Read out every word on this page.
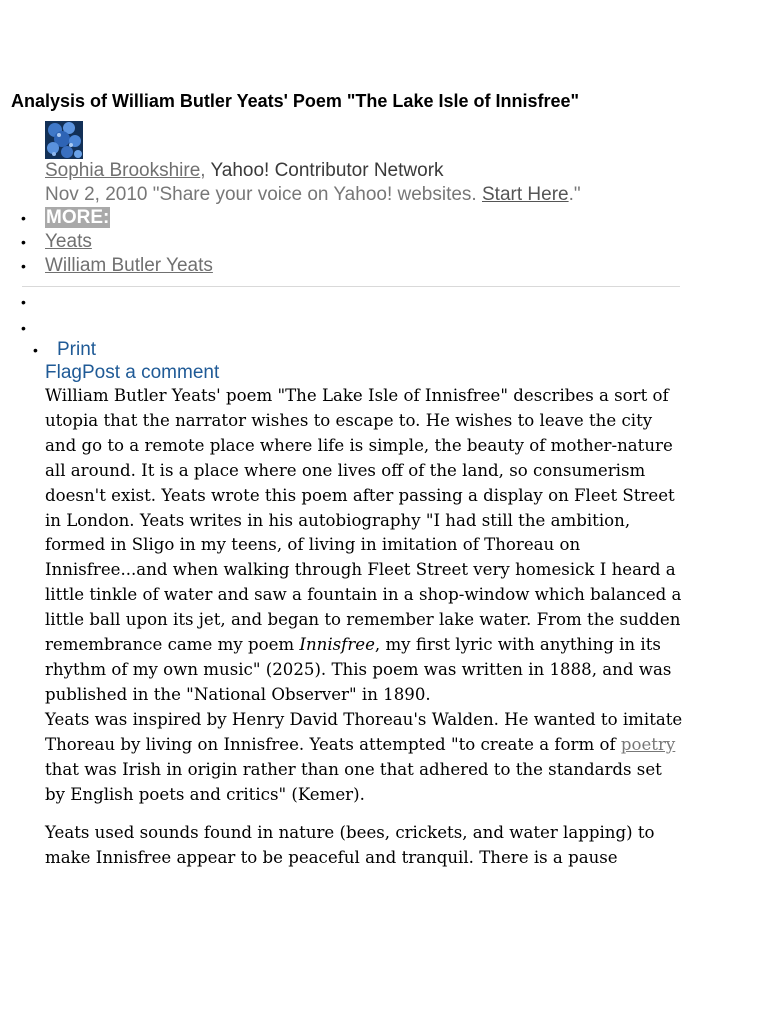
Analysis of William Butler Yeats' Poem "The Lake Isle of Innisfree"
Sophia Brookshire, Yahoo! Contributor Network
Nov 2, 2010 "Share your voice on Yahoo! websites. Start Here."
• MORE:
• Yeats
• William Butler Yeats
•
•
• Print
FlagPost a comment

William Butler Yeats' poem "The Lake Isle of Innisfree" describes a sort of utopia that the narrator wishes to escape to. He wishes to leave the city and go to a remote place where life is simple, the beauty of mother-nature all around. It is a place where one lives off of the land, so consumerism doesn't exist. Yeats wrote this poem after passing a display on Fleet Street in London. Yeats writes in his autobiography "I had still the ambition, formed in Sligo in my teens, of living in imitation of Thoreau on Innisfree...and when walking through Fleet Street very homesick I heard a little tinkle of water and saw a fountain in a shop-window which balanced a little ball upon its jet, and began to remember lake water. From the sudden remembrance came my poem Innisfree, my first lyric with anything in its rhythm of my own music" (2025). This poem was written in 1888, and was published in the "National Observer" in 1890.

Yeats was inspired by Henry David Thoreau's Walden. He wanted to imitate Thoreau by living on Innisfree. Yeats attempted "to create a form of poetry that was Irish in origin rather than one that adhered to the standards set by English poets and critics" (Kemer).

Yeats used sounds found in nature (bees, crickets, and water lapping) to make Innisfree appear to be peaceful and tranquil. There is a pause
